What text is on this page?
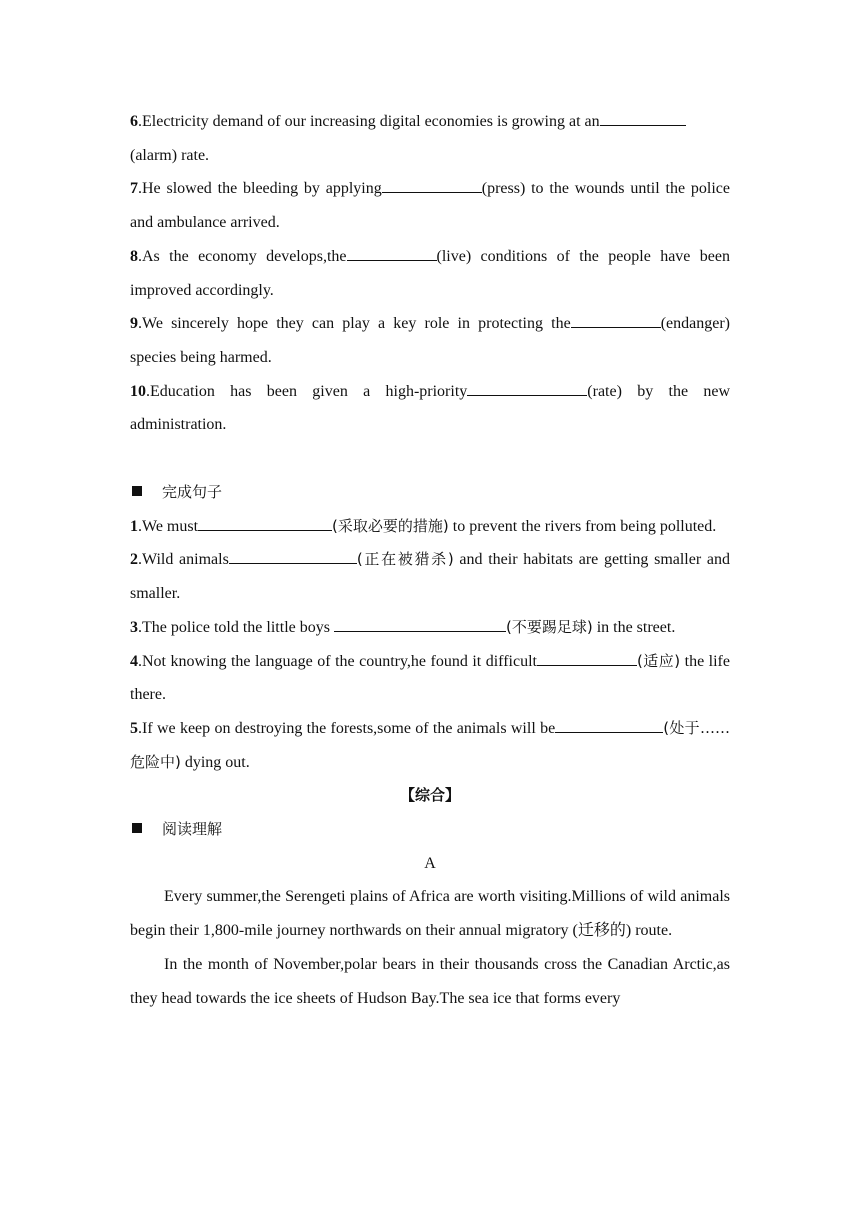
6.Electricity demand of our increasing digital economies is growing at an
(alarm) rate.

7.He slowed the bleeding by applying	(press) to the wounds until the police and ambulance arrived.

8.As the economy develops,the	(live) conditions of the people have been improved accordingly.

9.We sincerely hope they can play a key role in protecting the	(endanger) species being harmed.

10.Education has been given a high-priority	(rate) by the new administration.

完成句子

1.We must	(采取必要的措施) to prevent the rivers from being polluted.

2.Wild animals	(正在被猎杀) and their habitats are getting smaller and smaller.

3.The police told the little boys	(不要踢足球) in the street.

4.Not knowing the language of the country,he found it difficult	(适应) the life there.

5.If we keep on destroying the forests,some of the animals will be	(处于……危险中) dying out.

【综合】

阅读理解

A

Every summer,the Serengeti plains of Africa are worth visiting.Millions of wild animals begin their 1,800-mile journey northwards on their annual migratory (迁移的) route.

In the month of November,polar bears in their thousands cross the Canadian Arctic,as they head towards the ice sheets of Hudson Bay.The sea ice that forms every
